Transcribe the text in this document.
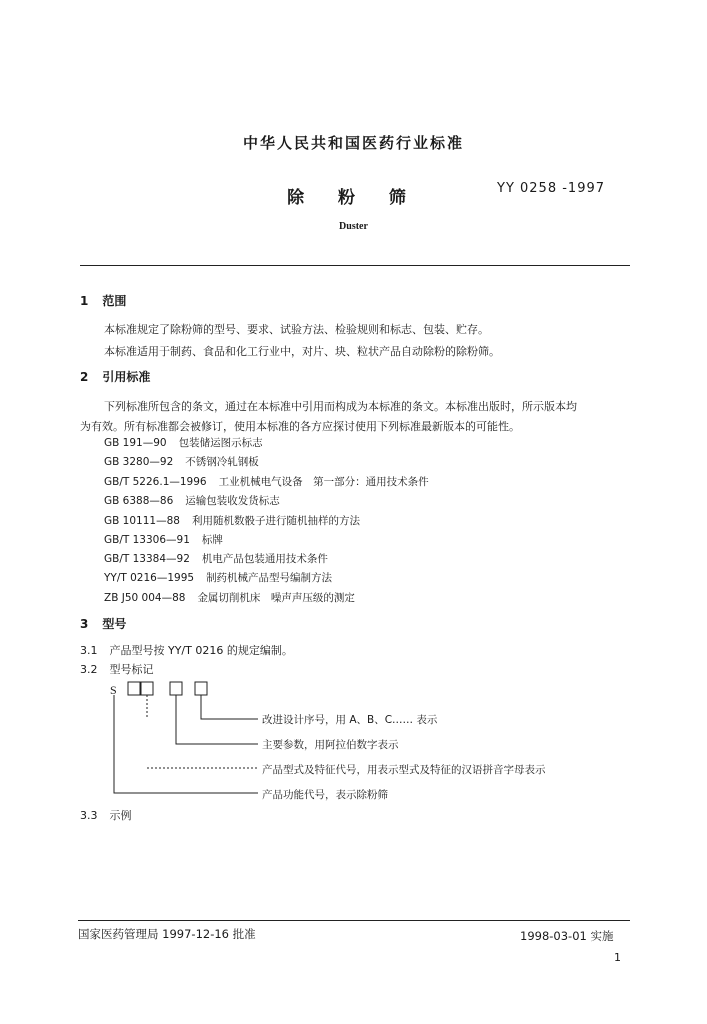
中华人民共和国医药行业标准
除 粉 筛	YY 0258 -1997
Duster
1 范围
本标准规定了除粉筛的型号、要求、试验方法、检验规则和标志、包装、贮存。
本标准适用于制药、食品和化工行业中，对片、块、粒状产品自动除粉的除粉筛。
2 引用标准
下列标准所包含的条文，通过在本标准中引用而构成为本标准的条文。本标准出版时，所示版本均
为有效。所有标准都会被修订，使用本标准的各方应探讨使用下列标准最新版本的可能性。
GB 191—90 包装储运图示标志
GB 3280—92 不锈钢冷轧钢板
GB/T 5226.1—1996 工业机械电气设备　第一部分：通用技术条件
GB 6388—86 运输包装收发货标志
GB 10111—88 利用随机数骰子进行随机抽样的方法
GB/T 13306—91 标牌
GB/T 13384—92 机电产品包装通用技术条件
YY/T 0216—1995 制药机械产品型号编制方法
ZB J50 004—88 金属切削机床　噪声声压级的测定
3 型号
3.1 产品型号按 YY/T 0216 的规定编制。
3.2 型号标记
S
改进设计序号，用 A、B、C…… 表示
主要参数，用阿拉伯数字表示
产品型式及特征代号，用表示型式及特征的汉语拼音字母表示
产品功能代号，表示除粉筛
3.3 示例
国家医药管理局 1997-12-16 批准	1998-03-01 实施
1
